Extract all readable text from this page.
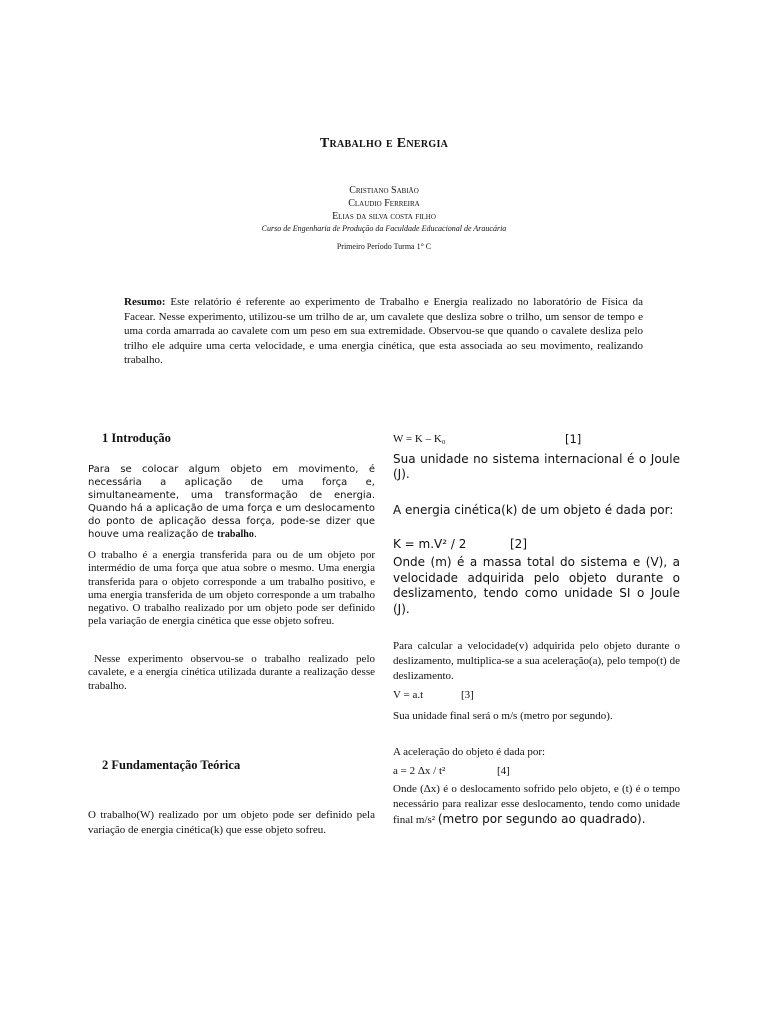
Trabalho e Energia
Cristiano Sabião
Claudio Ferreira
Elias da silva costa filho
Curso de Engenharia de Produção da Faculdade Educacional de Araucária
Primeiro Período Turma 1° C
Resumo: Este relatório é referente ao experimento de Trabalho e Energia realizado no laboratório de Física da Facear. Nesse experimento, utilizou-se um trilho de ar, um cavalete que desliza sobre o trilho, um sensor de tempo e uma corda amarrada ao cavalete com um peso em sua extremidade. Observou-se que quando o cavalete desliza pelo trilho ele adquire uma certa velocidade, e uma energia cinética, que esta associada ao seu movimento, realizando trabalho.
1 Introdução
Para se colocar algum objeto em movimento, é necessária a aplicação de uma força e, simultaneamente, uma transformação de energia. Quando há a aplicação de uma força e um deslocamento do ponto de aplicação dessa força, pode-se dizer que houve uma realização de trabalho.
O trabalho é a energia transferida para ou de um objeto por intermédio de uma força que atua sobre o mesmo. Uma energia transferida para o objeto corresponde a um trabalho positivo, e uma energia transferida de um objeto corresponde a um trabalho negativo. O trabalho realizado por um objeto pode ser definido pela variação de energia cinética que esse objeto sofreu.
Nesse experimento observou-se o trabalho realizado pelo cavalete, e a energia cinética utilizada durante a realização desse trabalho.
2 Fundamentação Teórica
O trabalho(W) realizado por um objeto pode ser definido pela variação de energia cinética(k) que esse objeto sofreu.
W = K – K₀	[1]
Sua unidade no sistema internacional é o Joule (J).
A energia cinética(k) de um objeto é dada por:
K = m.V² / 2	[2]
Onde (m) é a massa total do sistema e (V), a velocidade adquirida pelo objeto durante o deslizamento, tendo como unidade SI o Joule (J).
Para calcular a velocidade(v) adquirida pelo objeto durante o deslizamento, multiplica-se a sua aceleração(a), pelo tempo(t) de deslizamento.
V = a.t	[3]
Sua unidade final será o m/s (metro por segundo).
A aceleração do objeto é dada por:
a = 2 Δx / t²	[4]
Onde (Δx) é o deslocamento sofrido pelo objeto, e (t) é o tempo necessário para realizar esse deslocamento, tendo como unidade final m/s² (metro por segundo ao quadrado).
